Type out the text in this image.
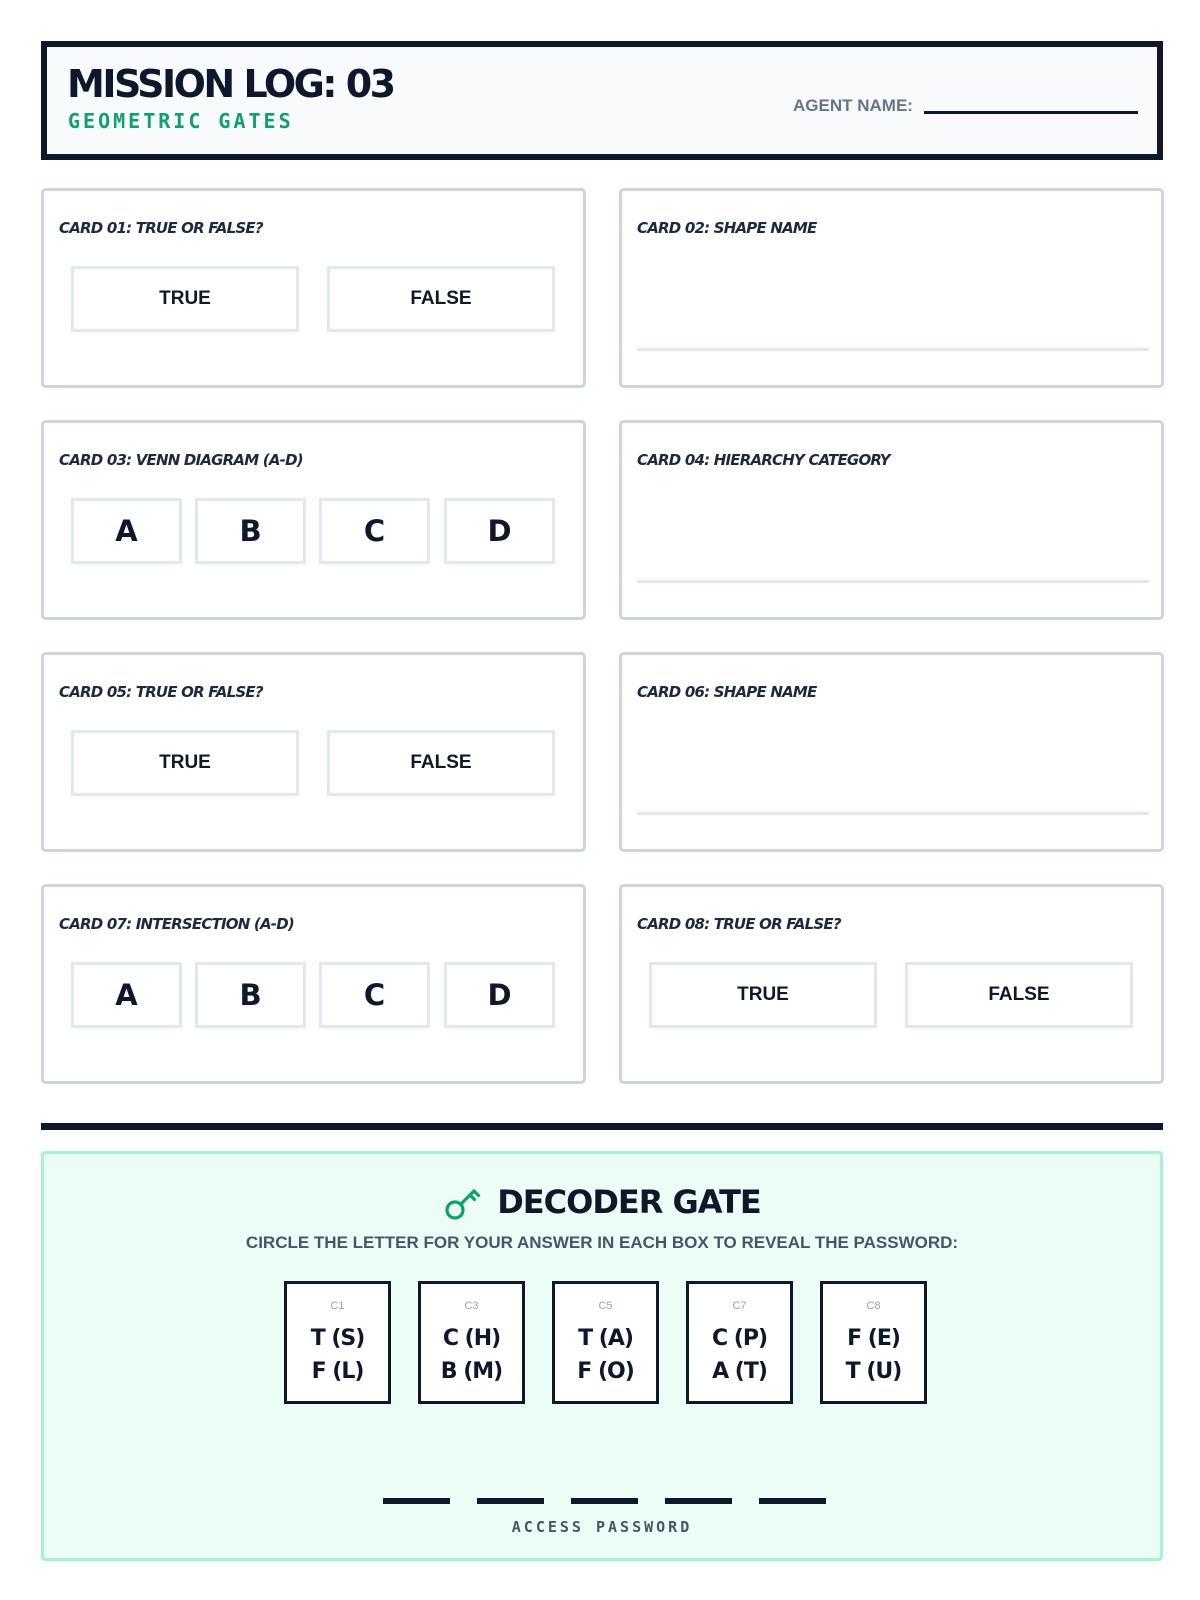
MISSION LOG: 03
GEOMETRIC GATES
AGENT NAME:
CARD 01: TRUE OR FALSE?
TRUE	FALSE
CARD 02: SHAPE NAME
CARD 03: VENN DIAGRAM (A-D)
A	B	C	D
CARD 04: HIERARCHY CATEGORY
CARD 05: TRUE OR FALSE?
TRUE	FALSE
CARD 06: SHAPE NAME
CARD 07: INTERSECTION (A-D)
A	B	C	D
CARD 08: TRUE OR FALSE?
TRUE	FALSE
DECODER GATE
CIRCLE THE LETTER FOR YOUR ANSWER IN EACH BOX TO REVEAL THE PASSWORD:
C1
T (S)
F (L)
C3
C (H)
B (M)
C5
T (A)
F (O)
C7
C (P)
A (T)
C8
F (E)
T (U)
ACCESS PASSWORD
